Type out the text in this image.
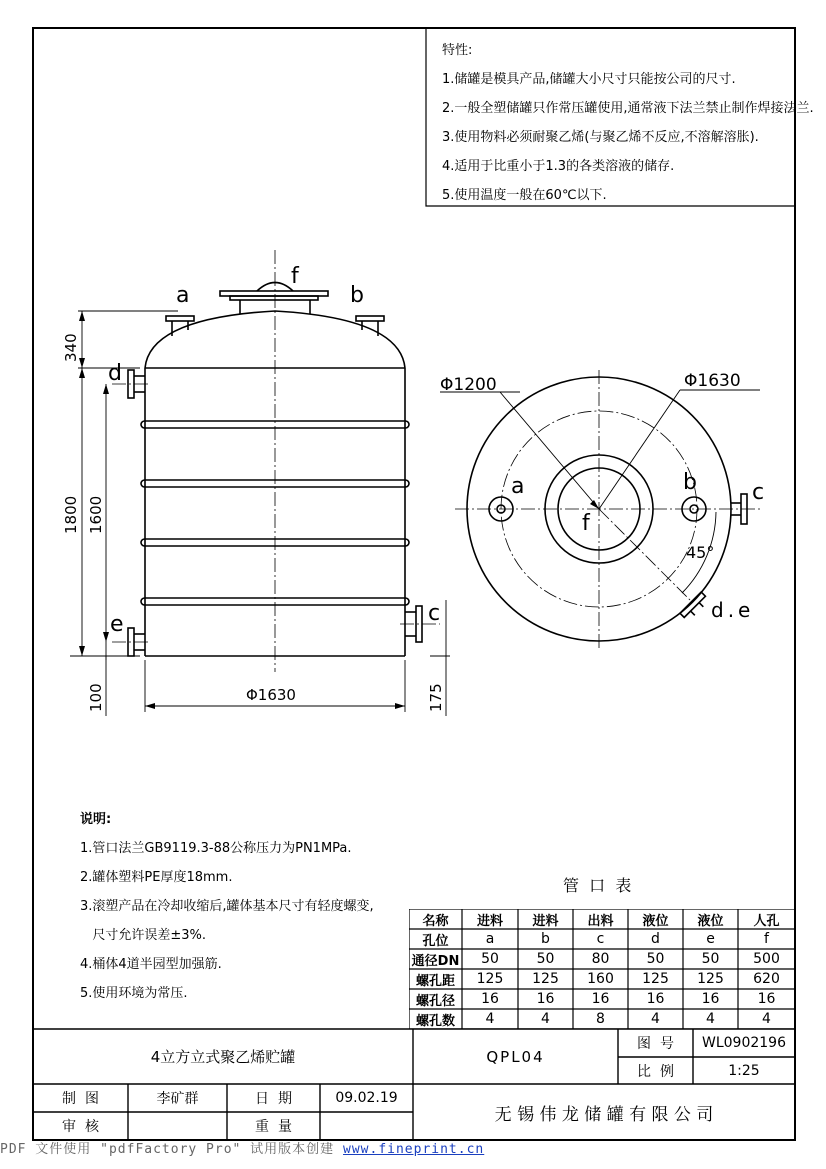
特性:
1.储罐是模具产品,储罐大小尺寸只能按公司的尺寸.
2.一般全塑储罐只作常压罐使用,通常液下法兰禁止制作焊接法兰.
3.使用物料必须耐聚乙烯(与聚乙烯不反应,不溶解溶胀).
4.适用于比重小于1.3的各类溶液的储存.
5.使用温度一般在60℃以下.
a
f
b
d
e	c
340
1800 1600
100	175
Φ1630
Φ1200	Φ1630
45°
a	b	c
f
d.e
说明:
1.管口法兰GB9119.3-88公称压力为PN1MPa.
2.罐体塑料PE厚度18mm.
3.滚塑产品在冷却收缩后,罐体基本尺寸有轻度螺变,
尺寸允许误差±3%.
4.桶体4道半园型加强筋.
5.使用环境为常压.
管  口  表
名称	进料	进料	出料	液位	液位	人孔
孔位	a	b	c	d	e	f
通径DN	50	50	80	50	50	500
螺孔距	125	125	160	125	125	620
螺孔径	16	16	16	16	16	16
螺孔数	4	4	8	4	4	4
4立方立式聚乙烯贮罐	QPL04
图  号	WL0902196
比  例	1:25
制  图	李矿群	日  期	09.02.19
审  核	重  量
无 锡 伟 龙 储 罐 有 限 公 司
PDF 文件使用 "pdfFactory Pro" 试用版本创建 www.fineprint.cn
